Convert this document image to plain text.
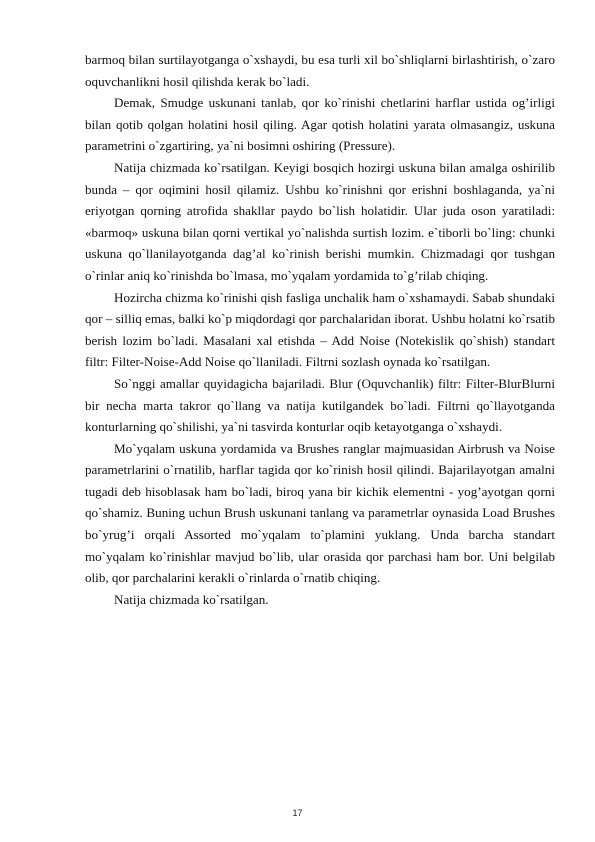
barmoq bilan surtilayotganga o`xshaydi, bu esa turli xil bo`shliqlarni birlashtirish, o`zaro oquvchanlikni hosil qilishda kerak bo`ladi.

Demak, Smudge uskunani tanlab, qor ko`rinishi chetlarini harflar ustida og’irligi bilan qotib qolgan holatini hosil qiling. Agar qotish holatini yarata olmasangiz, uskuna parametrini o`zgartiring, ya`ni bosimni oshiring (Pressure).

Natija chizmada ko`rsatilgan. Keyigi bosqich hozirgi uskuna bilan amalga oshirilib bunda – qor oqimini hosil qilamiz. Ushbu ko`rinishni qor erishni boshlaganda, ya`ni eriyotgan qorning atrofida shakllar paydo bo`lish holatidir. Ular juda oson yaratiladi: «barmoq» uskuna bilan qorni vertikal yo`nalishda surtish lozim. e`tiborli bo`ling: chunki uskuna qo`llanilayotganda dag’al ko`rinish berishi mumkin. Chizmadagi qor tushgan o`rinlar aniq ko`rinishda bo`lmasa, mo`yqalam yordamida to`g’rilab chiqing.

Hozircha chizma ko`rinishi qish fasliga unchalik ham o`xshamaydi. Sabab shundaki qor – silliq emas, balki ko`p miqdordagi qor parchalaridan iborat. Ushbu holatni ko`rsatib berish lozim bo`ladi. Masalani xal etishda – Add Noise (Notekislik qo`shish) standart filtr: Filter-Noise-Add Noise qo`llaniladi. Filtrni sozlash oynada ko`rsatilgan.

So`nggi amallar quyidagicha bajariladi. Blur (Oquvchanlik) filtr: Filter-BlurBlurni bir necha marta takror qo`llang va natija kutilgandek bo`ladi. Filtrni qo`llayotganda konturlarning qo`shilishi, ya`ni tasvirda konturlar oqib ketayotganga o`xshaydi.

Mo`yqalam uskuna yordamida va Brushes ranglar majmuasidan Airbrush va Noise parametrlarini o`rnatilib, harflar tagida qor ko`rinish hosil qilindi. Bajarilayotgan amalni tugadi deb hisoblasak ham bo`ladi, biroq yana bir kichik elementni - yog’ayotgan qorni qo`shamiz. Buning uchun Brush uskunani tanlang va parametrlar oynasida Load Brushes bo`yrug’i orqali Assorted mo`yqalam to`plamini yuklang. Unda barcha standart mo`yqalam ko`rinishlar mavjud bo`lib, ular orasida qor parchasi ham bor. Uni belgilab olib, qor parchalarini kerakli o`rinlarda o`rnatib chiqing.

Natija chizmada ko`rsatilgan.

17
